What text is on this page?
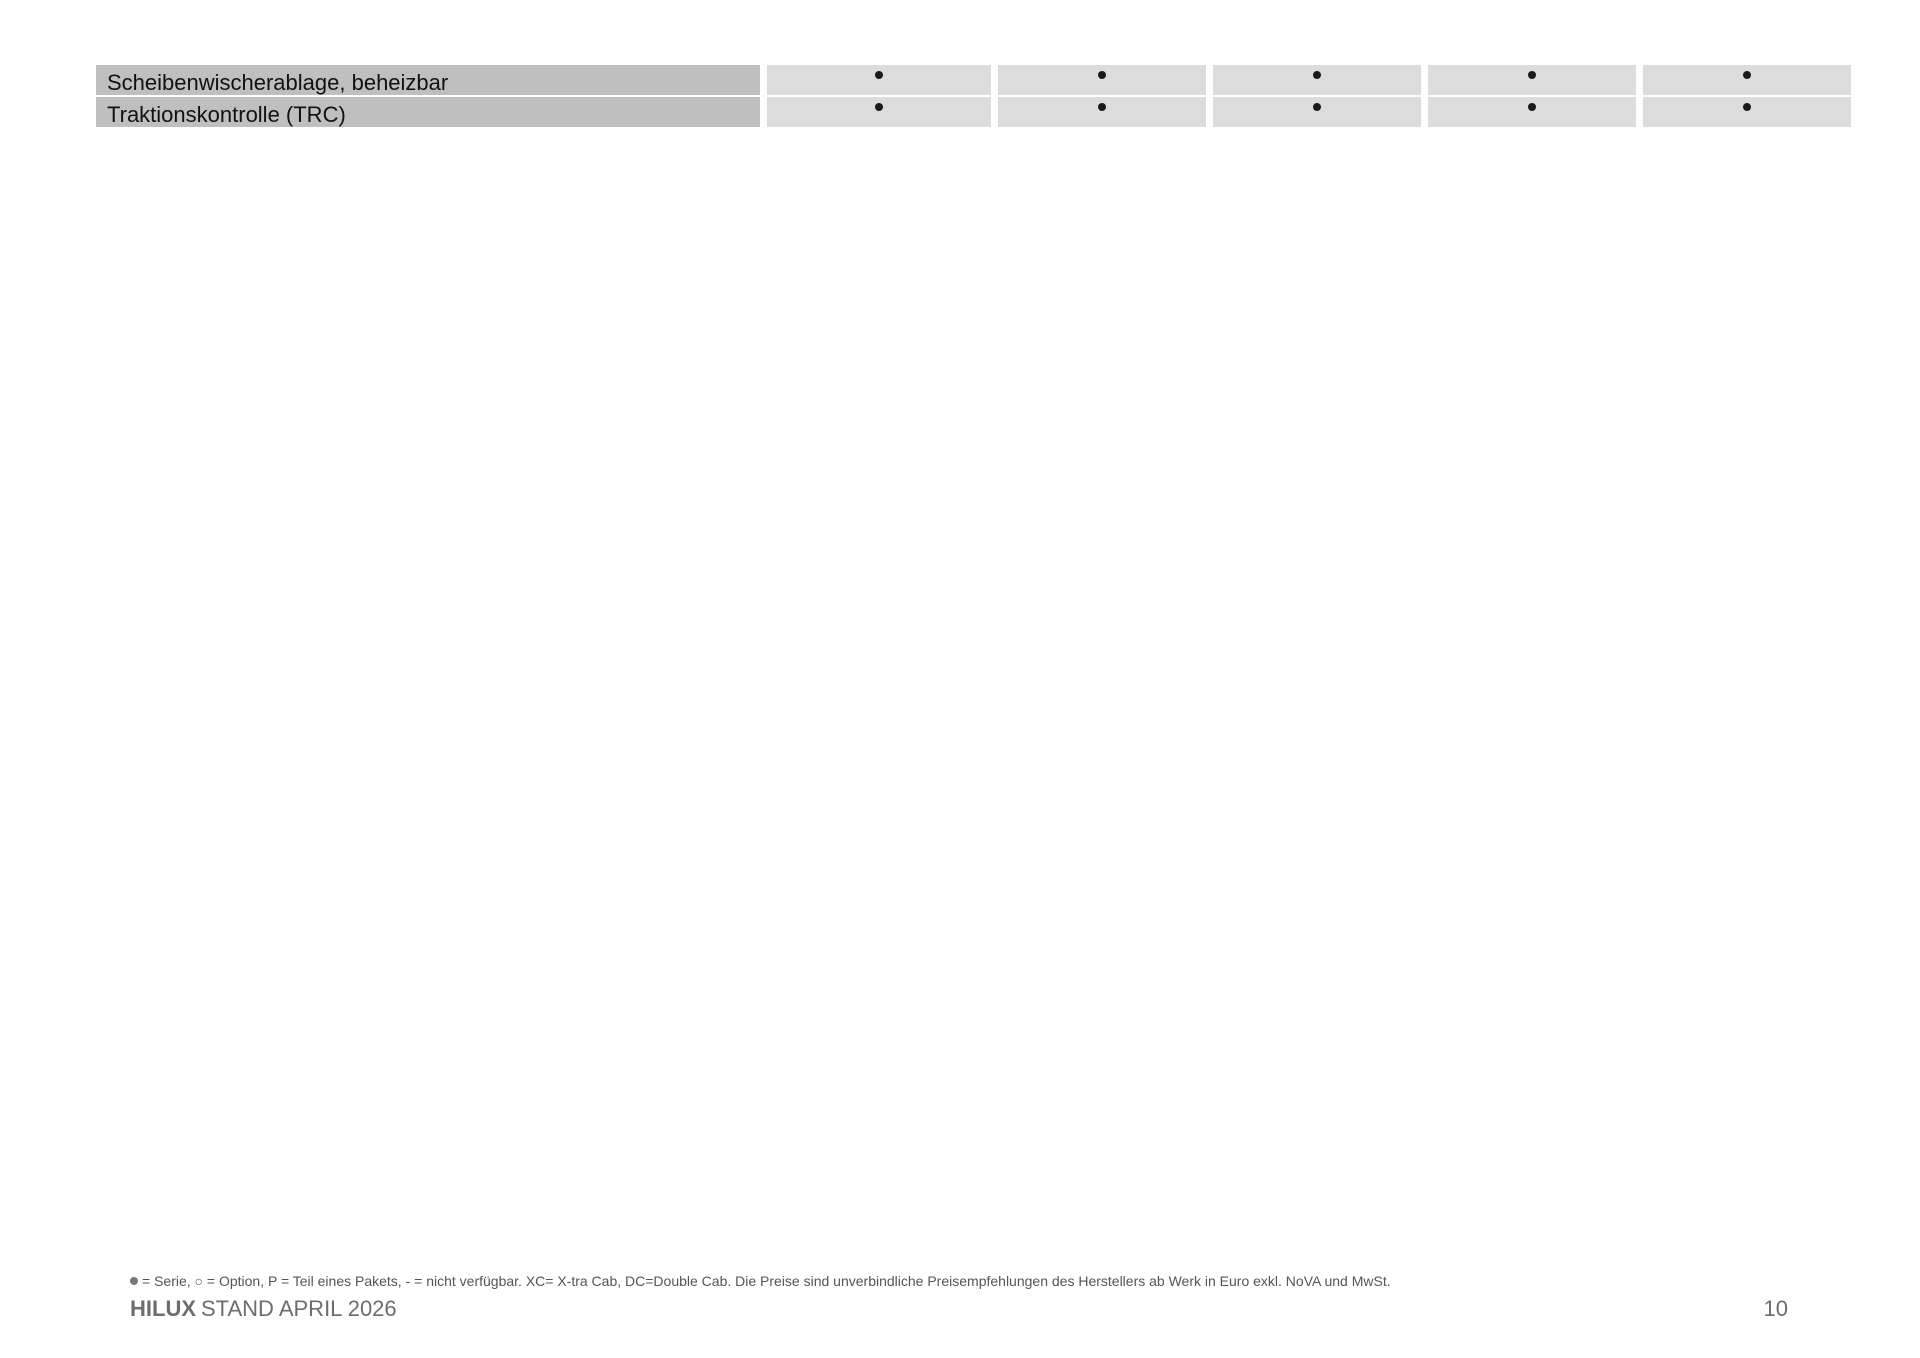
Scheibenwischerablage, beheizbar
Traktionskontrolle (TRC)
= Serie, ○ = Option, P = Teil eines Pakets, - = nicht verfügbar. XC= X-tra Cab, DC=Double Cab. Die Preise sind unverbindliche Preisempfehlungen des Herstellers ab Werk in Euro exkl. NoVA und MwSt.
HILUX STAND APRIL 2026	10
